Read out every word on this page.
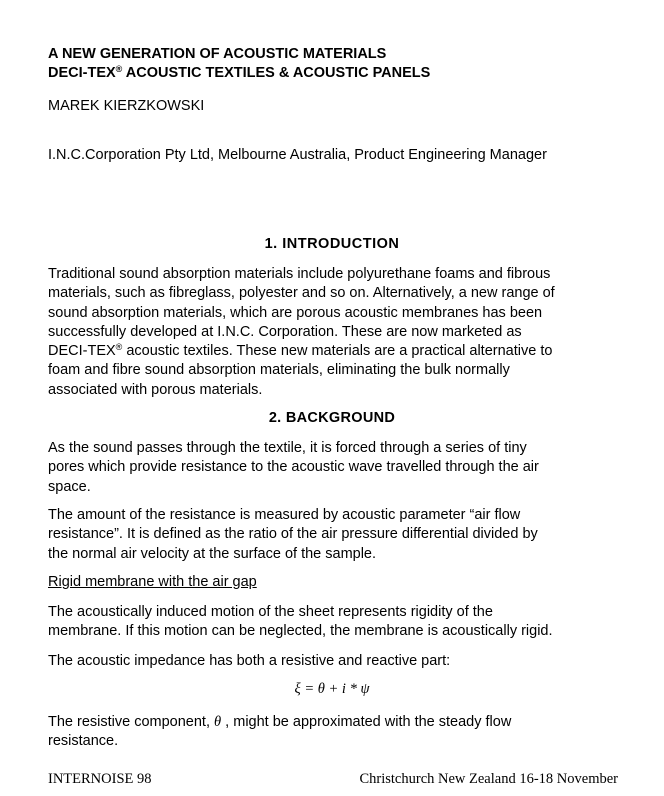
A NEW GENERATION OF ACOUSTIC MATERIALS
DECI-TEX® ACOUSTIC TEXTILES & ACOUSTIC PANELS
MAREK KIERZKOWSKI
I.N.C.Corporation Pty Ltd, Melbourne Australia, Product Engineering Manager
1. INTRODUCTION
Traditional sound absorption materials include polyurethane foams and fibrous
materials, such as fibreglass, polyester and so on. Alternatively, a new range of
sound absorption materials, which are porous acoustic membranes has been
successfully developed at I.N.C. Corporation. These are now marketed as
DECI-TEX® acoustic textiles. These new materials are a practical alternative to
foam and fibre sound absorption materials, eliminating the bulk normally
associated with porous materials.
2. BACKGROUND
As the sound passes through the textile, it is forced through a series of tiny
pores which provide resistance to the acoustic wave travelled through the air
space.
The amount of the resistance is measured by acoustic parameter “air flow
resistance”. It is defined as the ratio of the air pressure differential divided by
the normal air velocity at the surface of the sample.
Rigid membrane with the air gap
The acoustically induced motion of the sheet represents rigidity of the
membrane. If this motion can be neglected, the membrane is acoustically rigid.
The acoustic impedance has both a resistive and reactive part:
ξ = θ + i * ψ
The resistive component, θ , might be approximated with the steady flow
resistance.
INTERNOISE 98	Christchurch New Zealand 16-18 November
